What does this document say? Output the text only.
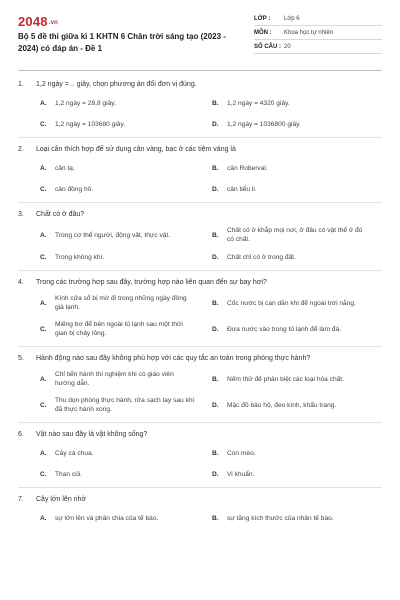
2048.vn
Bộ 5 đề thi giữa kì 1 KHTN 6 Chân trời sáng tạo (2023 - 2024) có đáp án - Đề 1
LỚP :	Lớp 6
MÔN :	Khoa học tự nhiên
SỐ CÂU : 20
1.	1,2 ngày = .. giây, chọn phương án đổi đơn vị đúng.
A.	1,2 ngày = 28,8 giây.	B.	1,2 ngày = 4320 giây.
C.	1,2 ngày = 103680 giây.	D.	1,2 ngày = 1036800 giây.
2.	Loại cân thích hợp để sử dụng cân vàng, bạc ở các tiệm vàng là
A.	cân tạ.	B.	cân Roberval.
C.	cân đồng hồ.	D.	cân tiểu li.
3.	Chất có ở đâu?
A.	Trong cơ thể người, động vật, thực vật.	B.
Chất có ở khắp mọi nơi, ở đâu có vật thể ở đó có chất.
C.	Trong không khí.	D.	Chất chỉ có ở trong đất.
4.	Trong các trường hợp sau đây, trường hợp nào liên quan đến sự bay hơi?
A.
Kính cửa sổ bị mờ đi trong những ngày đông giá lạnh.
B.	Cốc nước bị cạn dần khi để ngoài trời nắng.
C.
Miếng bơ để bên ngoài tủ lạnh sau một thời gian bị chảy lỏng.
D.	Đưa nước vào trong tủ lạnh để làm đá.
5.	Hành động nào sau đây không phù hợp với các quy tắc an toàn trong phòng thực hành?
A.
Chỉ tiến hành thí nghiệm khi có giáo viên hướng dẫn.
B.	Nếm thử để phân biệt các loại hóa chất.
C.
Thu dọn phòng thực hành, rửa sạch tay sau khi đã thực hành xong.
D.	Mặc đồ bảo hộ, đeo kính, khẩu trang.
6.	Vật nào sau đây là vật không sống?
A.	Cây cà chua.	B.	Con mèo.
C.	Than củi.	D.	Vi khuẩn.
7.	Cây lớn lên nhờ
A.	sự lớn lên và phân chia của tế bào.	B.	sự tăng kích thước của nhân tế bào.
